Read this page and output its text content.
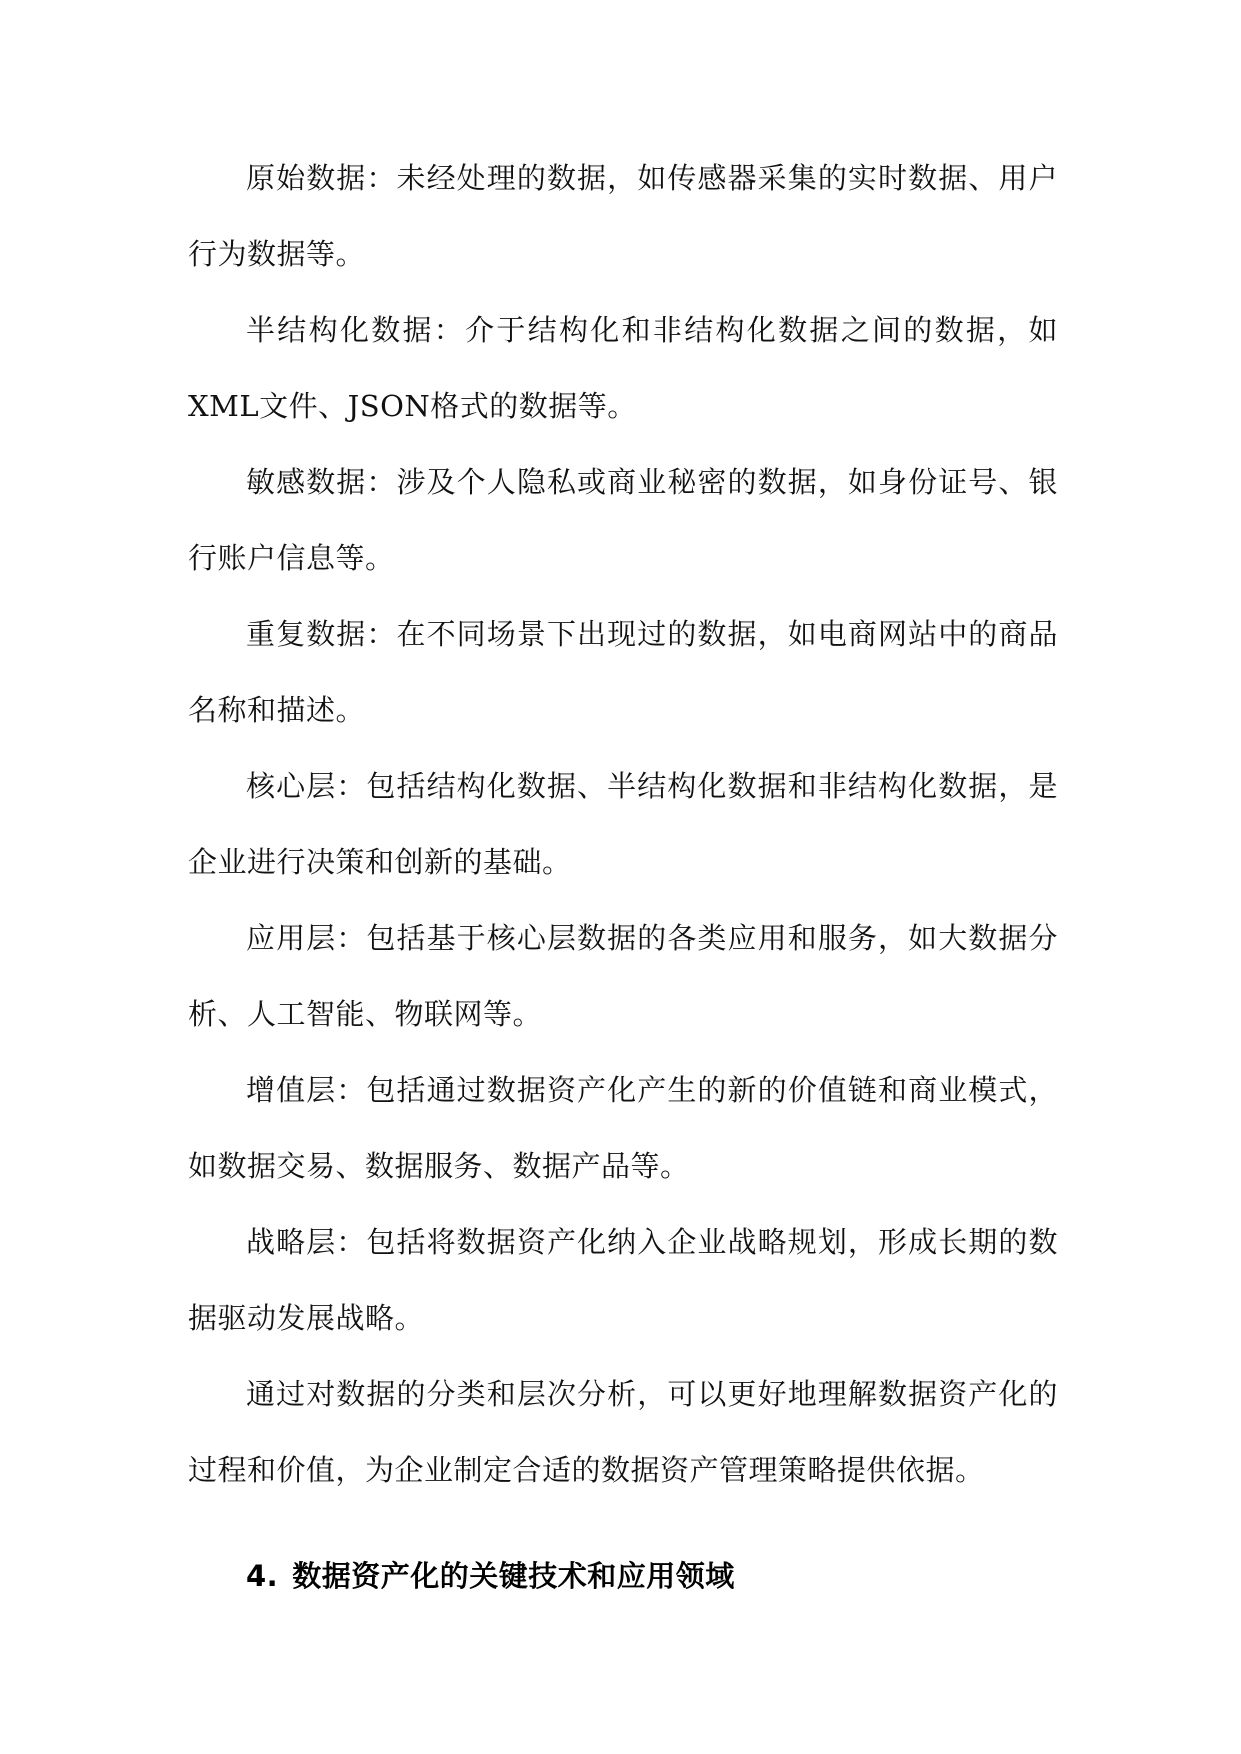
原始数据：未经处理的数据，如传感器采集的实时数据、用户行为数据等。

半结构化数据：介于结构化和非结构化数据之间的数据，如XML文件、JSON格式的数据等。

敏感数据：涉及个人隐私或商业秘密的数据，如身份证号、银行账户信息等。

重复数据：在不同场景下出现过的数据，如电商网站中的商品名称和描述。

核心层：包括结构化数据、半结构化数据和非结构化数据，是企业进行决策和创新的基础。

应用层：包括基于核心层数据的各类应用和服务，如大数据分析、人工智能、物联网等。

增值层：包括通过数据资产化产生的新的价值链和商业模式，如数据交易、数据服务、数据产品等。

战略层：包括将数据资产化纳入企业战略规划，形成长期的数据驱动发展战略。

通过对数据的分类和层次分析，可以更好地理解数据资产化的过程和价值，为企业制定合适的数据资产管理策略提供依据。

4. 数据资产化的关键技术和应用领域
